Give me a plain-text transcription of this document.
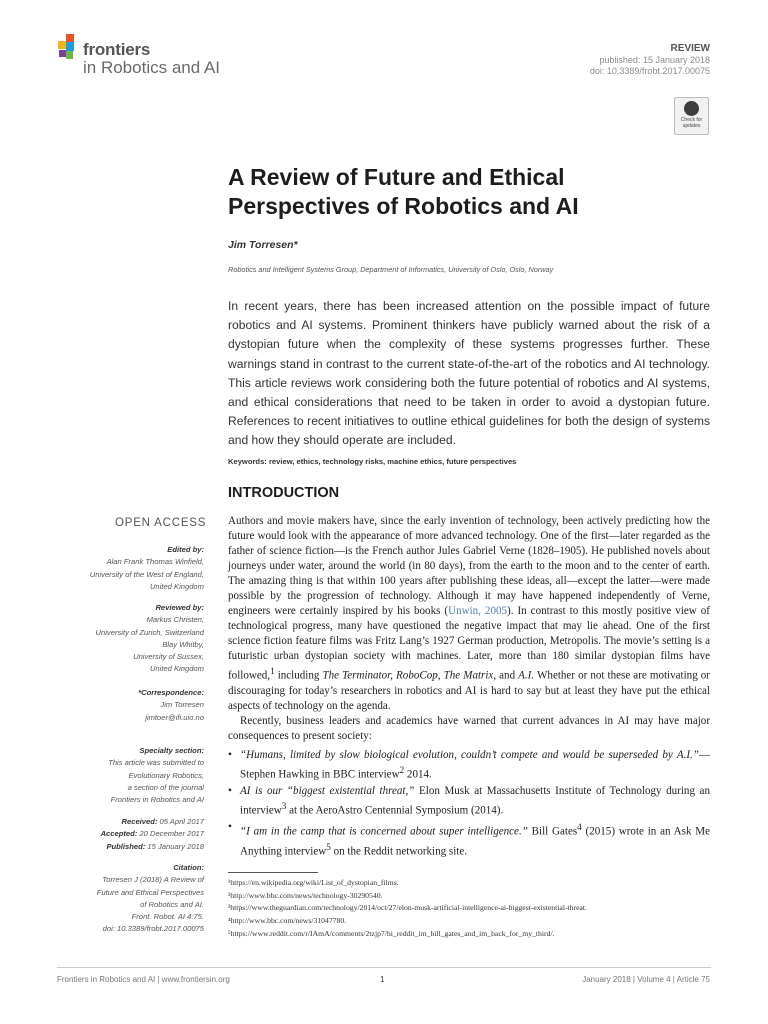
frontiers
in Robotics and AI
REVIEW
published: 15 January 2018
doi: 10.3389/frobt.2017.00075
Check for updates
A Review of Future and Ethical Perspectives of Robotics and AI
Jim Torresen*
Robotics and Intelligent Systems Group, Department of Informatics, University of Oslo, Oslo, Norway
In recent years, there has been increased attention on the possible impact of future robotics and AI systems. Prominent thinkers have publicly warned about the risk of a dystopian future when the complexity of these systems progresses further. These warnings stand in contrast to the current state-of-the-art of the robotics and AI technology. This article reviews work considering both the future potential of robotics and AI systems, and ethical considerations that need to be taken in order to avoid a dystopian future. References to recent initiatives to outline ethical guidelines for both the design of systems and how they should operate are included.
Keywords: review, ethics, technology risks, machine ethics, future perspectives
INTRODUCTION
OPEN ACCESS
Edited by:
Alan Frank Thomas Winfield,
University of the West of England,
United Kingdom
Reviewed by:
Markus Christen,
University of Zurich, Switzerland
Blay Whitby,
University of Sussex,
United Kingdom
*Correspondence:
Jim Torresen
jimtoer@ifi.uio.no
Specialty section:
This article was submitted to
Evolutionary Robotics,
a section of the journal
Frontiers in Robotics and AI
Received: 05 April 2017
Accepted: 20 December 2017
Published: 15 January 2018
Citation:
Torresen J (2018) A Review of
Future and Ethical Perspectives
of Robotics and AI.
Front. Robot. AI 4:75.
doi: 10.3389/frobt.2017.00075

Authors and movie makers have, since the early invention of technology, been actively predicting how the future would look with the appearance of more advanced technology. One of the first—later regarded as the father of science fiction—is the French author Jules Gabriel Verne (1828–1905). He published novels about journeys under water, around the world (in 80 days), from the earth to the moon and to the center of earth. The amazing thing is that within 100 years after publishing these ideas, all—except the latter—were made possible by the progression of technology. Although it may have happened independently of Verne, engineers were certainly inspired by his books (Unwin, 2005). In contrast to this mostly positive view of technological progress, many have questioned the negative impact that may lie ahead. One of the first science fiction feature films was Fritz Lang’s 1927 German production, Metropolis. The movie’s setting is a futuristic urban dystopian society with machines. Later, more than 180 similar dystopian films have followed,$^1$ including The Terminator, RoboCop, The Matrix, and A.I. Whether or not these are motivating or discouraging for today’s researchers in robotics and AI is hard to say but at least they have put the ethical aspects of technology on the agenda.

Recently, business leaders and academics have warned that current advances in AI may have major consequences to present society:

• “Humans, limited by slow biological evolution, couldn’t compete and would be superseded by A.I.”—Stephen Hawking in BBC interview$^2$ 2014.
• AI is our “biggest existential threat,” Elon Musk at Massachusetts Institute of Technology during an interview$^3$ at the AeroAstro Centennial Symposium (2014).
• “I am in the camp that is concerned about super intelligence.” Bill Gates$^4$ (2015) wrote in an Ask Me Anything interview$^5$ on the Reddit networking site.
¹https://en.wikipedia.org/wiki/List_of_dystopian_films.
²http://www.bbc.com/news/technology-30290540.
³https://www.theguardian.com/technology/2014/oct/27/elon-musk-artificial-intelligence-ai-biggest-existential-threat.
⁴http://www.bbc.com/news/31047780.
⁵https://www.reddit.com/r/IAmA/comments/2tzjp7/hi_reddit_im_bill_gates_and_im_back_for_my_third/.
Frontiers in Robotics and AI | www.frontiersin.org	1	January 2018 | Volume 4 | Article 75
